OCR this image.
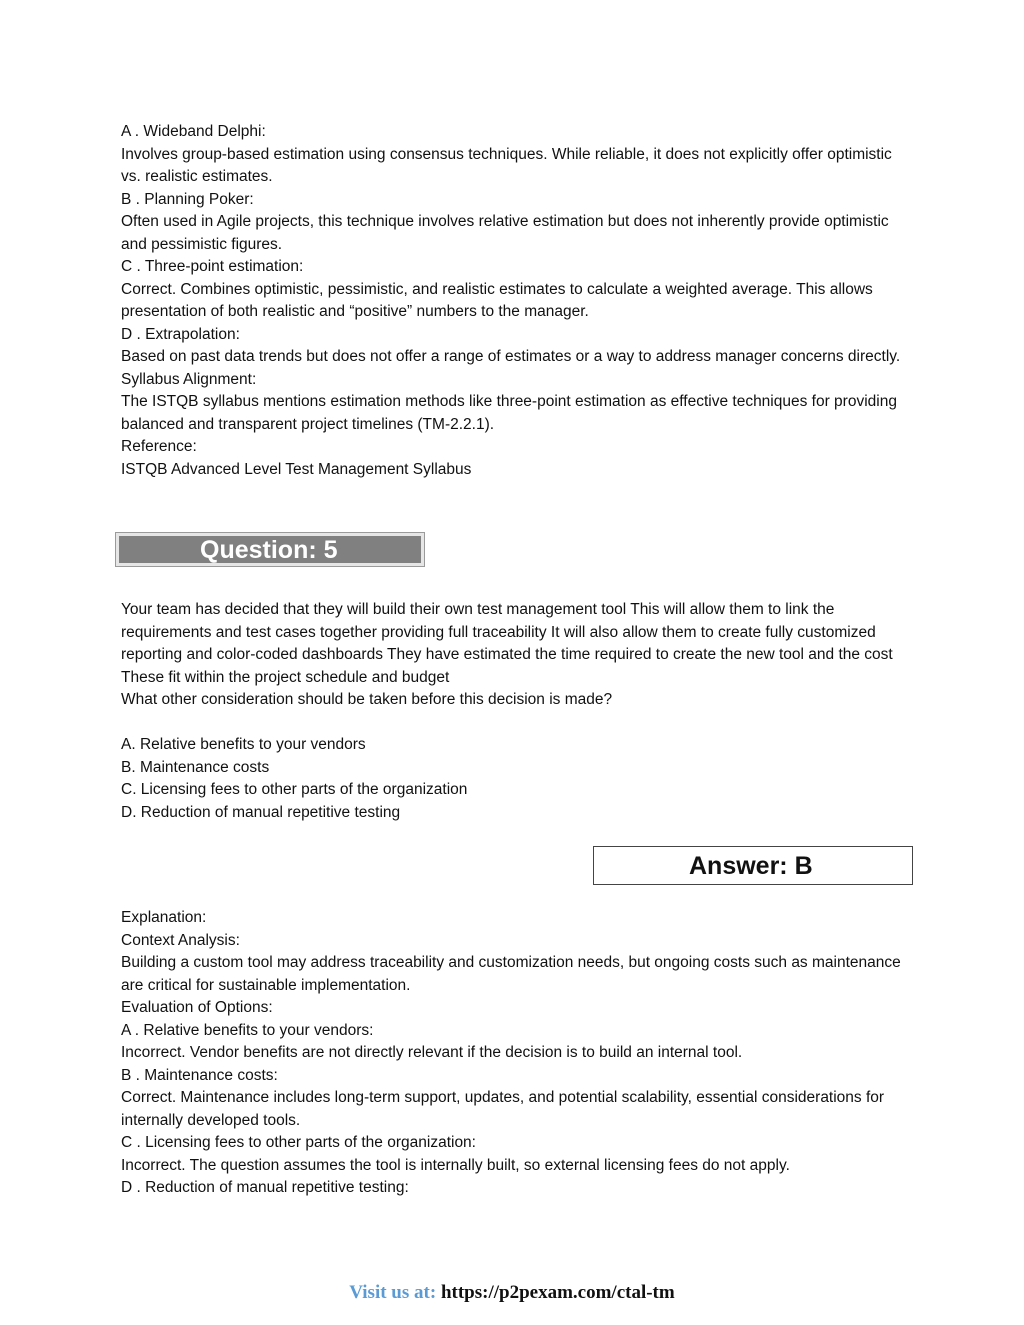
A . Wideband Delphi:

Involves group-based estimation using consensus techniques. While reliable, it does not explicitly offer optimistic vs. realistic estimates.

B . Planning Poker:

Often used in Agile projects, this technique involves relative estimation but does not inherently provide optimistic and pessimistic figures.

C . Three-point estimation:

Correct. Combines optimistic, pessimistic, and realistic estimates to calculate a weighted average. This allows presentation of both realistic and “positive” numbers to the manager.

D . Extrapolation:

Based on past data trends but does not offer a range of estimates or a way to address manager concerns directly.

Syllabus Alignment:

The ISTQB syllabus mentions estimation methods like three-point estimation as effective techniques for providing balanced and transparent project timelines (TM-2.2.1).

Reference:

ISTQB Advanced Level Test Management Syllabus

Question: 5

Your team has decided that they will build their own test management tool This will allow them to link the requirements and test cases together providing full traceability It will also allow them to create fully customized reporting and color-coded dashboards They have estimated the time required to create the new tool and the cost These fit within the project schedule and budget

What other consideration should be taken before this decision is made?

A. Relative benefits to your vendors

B. Maintenance costs

C. Licensing fees to other parts of the organization

D. Reduction of manual repetitive testing

Answer: B

Explanation:

Context Analysis:

Building a custom tool may address traceability and customization needs, but ongoing costs such as maintenance are critical for sustainable implementation.

Evaluation of Options:

A . Relative benefits to your vendors:

Incorrect. Vendor benefits are not directly relevant if the decision is to build an internal tool.

B . Maintenance costs:

Correct. Maintenance includes long-term support, updates, and potential scalability, essential considerations for internally developed tools.

C . Licensing fees to other parts of the organization:

Incorrect. The question assumes the tool is internally built, so external licensing fees do not apply.

D . Reduction of manual repetitive testing:

Visit us at: https://p2pexam.com/ctal-tm
